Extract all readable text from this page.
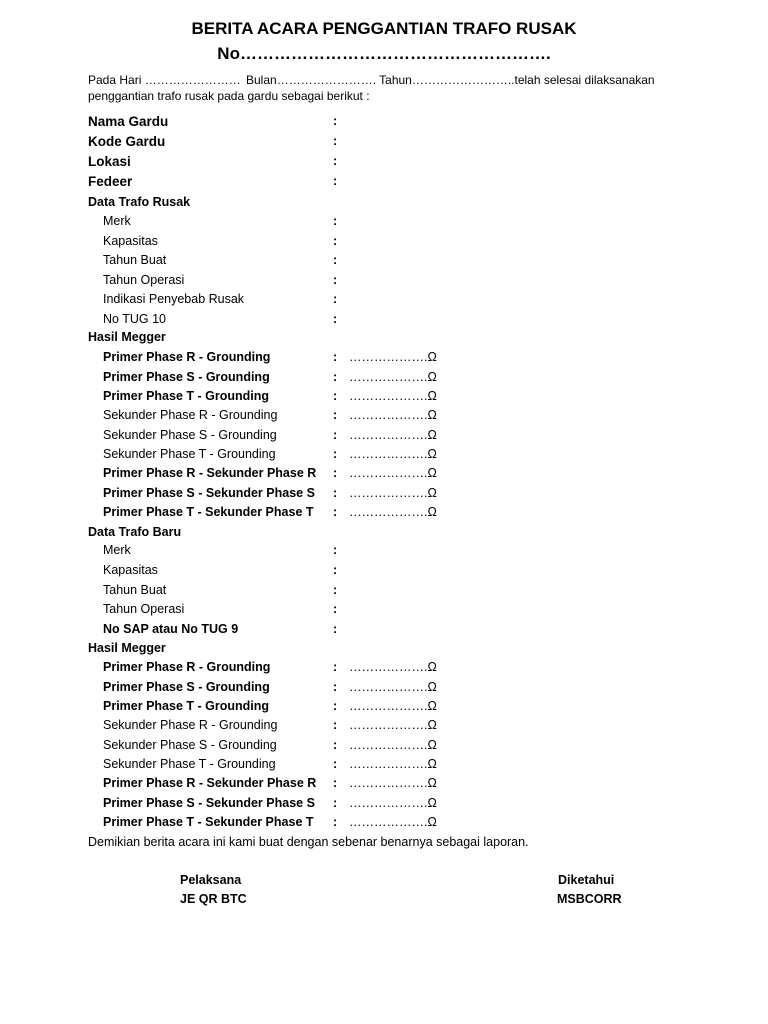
BERITA ACARA PENGGANTIAN TRAFO RUSAK
No……………………………………………….
Pada Hari …………………… Bulan……………………. Tahun……………………..telah selesai dilaksanakan
penggantian trafo rusak pada gardu sebagai berikut :
Nama Gardu	:
Kode Gardu	:
Lokasi	:
Fedeer	:
Data Trafo Rusak
Merk	:
Kapasitas	:
Tahun Buat	:
Tahun Operasi	:
Indikasi Penyebab Rusak	:
No TUG 10	:
Hasil Megger
Primer Phase R - Grounding	: ……………….Ω
Primer Phase S - Grounding	: ……………….Ω
Primer Phase T - Grounding	: ……………….Ω
Sekunder Phase R - Grounding	: ……………….Ω
Sekunder Phase S - Grounding	: ……………….Ω
Sekunder Phase T - Grounding	: ……………….Ω
Primer Phase R - Sekunder Phase R : ……………….Ω
Primer Phase S - Sekunder Phase S : ……………….Ω
Primer Phase T - Sekunder Phase T : ……………….Ω
Data Trafo Baru
Merk	:
Kapasitas	:
Tahun Buat	:
Tahun Operasi	:
No SAP atau No TUG 9	:
Hasil Megger
Primer Phase R - Grounding	: ……………….Ω
Primer Phase S - Grounding	: ……………….Ω
Primer Phase T - Grounding	: ……………….Ω
Sekunder Phase R - Grounding	: ……………….Ω
Sekunder Phase S - Grounding	: ……………….Ω
Sekunder Phase T - Grounding	: ……………….Ω
Primer Phase R - Sekunder Phase R : ……………….Ω
Primer Phase S - Sekunder Phase S : ……………….Ω
Primer Phase T - Sekunder Phase T : ……………….Ω
Demikian berita acara ini kami buat dengan sebenar benarnya sebagai laporan.
Pelaksana
JE QR BTC
Diketahui
MSBCORR
